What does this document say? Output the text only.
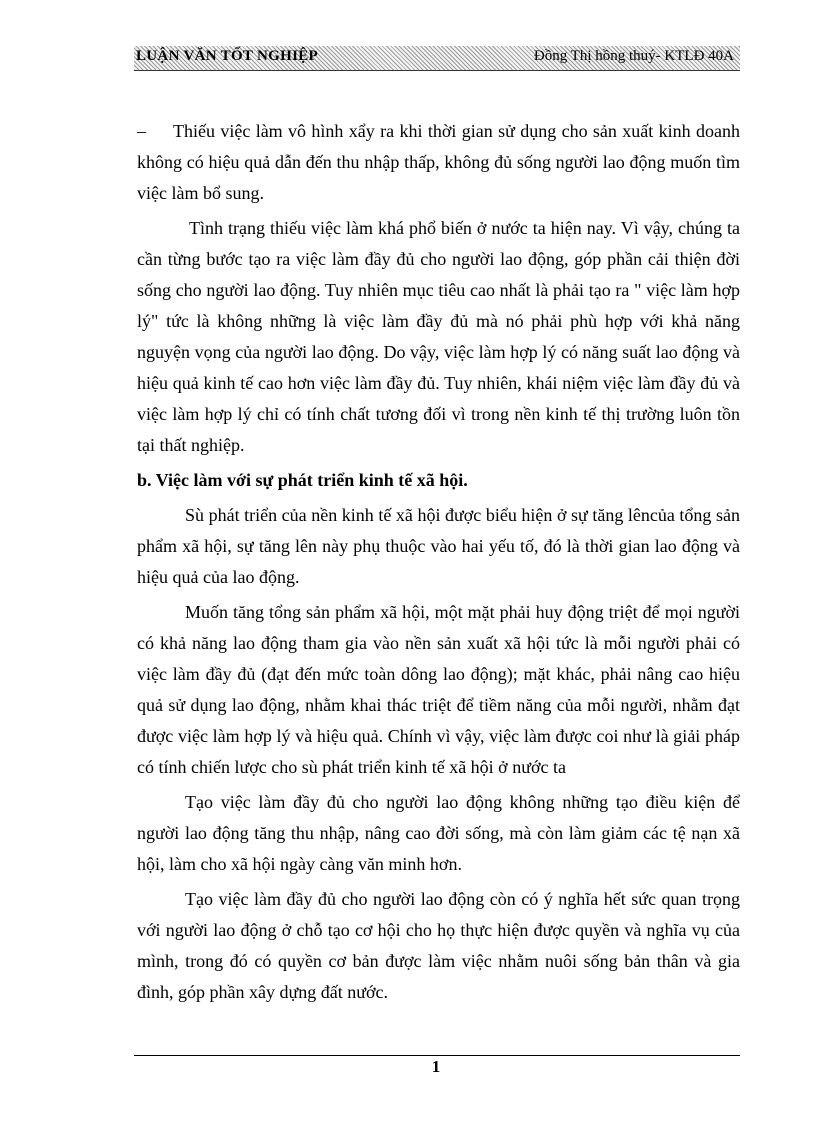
LUẬN VĂN TỐT NGHIỆP	Đồng Thị hồng thuý- KTLĐ 40A

– Thiếu việc làm vô hình xẩy ra khi thời gian sử dụng cho sản xuất kinh doanh không có hiệu quả dẫn đến thu nhập thấp, không đủ sống người lao động muốn tìm việc làm bổ sung.

Tình trạng thiếu việc làm khá phổ biến ở nước ta hiện nay. Vì vậy, chúng ta cần từng bước tạo ra việc làm đầy đủ cho người lao động, góp phần cải thiện đời sống cho người lao động. Tuy nhiên mục tiêu cao nhất là phải tạo ra " việc làm hợp lý" tức là không những là việc làm đầy đủ mà nó phải phù hợp với khả năng nguyện vọng của người lao động. Do vậy, việc làm hợp lý có năng suất lao động và hiệu quả kinh tế cao hơn việc làm đầy đủ. Tuy nhiên, khái niệm việc làm đầy đủ và việc làm hợp lý chỉ có tính chất tương đối vì trong nền kinh tế thị trường luôn tồn tại thất nghiệp.

b. Việc làm với sự phát triển kinh tế xã hội.

Sù phát triển của nền kinh tế xã hội được biểu hiện ở sự tăng lêncủa tổng sản phẩm xã hội, sự tăng lên này phụ thuộc vào hai yếu tố, đó là thời gian lao động và hiệu quả của lao động.

Muốn tăng tổng sản phẩm xã hội, một mặt phải huy động triệt để mọi người có khả năng lao động tham gia vào nền sản xuất xã hội tức là mỗi người phải có việc làm đầy đủ (đạt đến mức toàn dông lao động); mặt khác, phải nâng cao hiệu quả sử dụng lao động, nhằm khai thác triệt để tiềm năng của mỗi người, nhằm đạt được việc làm hợp lý và hiệu quả. Chính vì vậy, việc làm được coi như là giải pháp có tính chiến lược cho sù phát triển kinh tế xã hội ở nước ta

Tạo việc làm đầy đủ cho người lao động không những tạo điều kiện để người lao động tăng thu nhập, nâng cao đời sống, mà còn làm giảm các tệ nạn xã hội, làm cho xã hội ngày càng văn minh hơn.

Tạo việc làm đầy đủ cho người lao động còn có ý nghĩa hết sức quan trọng với người lao động ở chỗ tạo cơ hội cho họ thực hiện được quyền và nghĩa vụ của mình, trong đó có quyền cơ bản được làm việc nhằm nuôi sống bản thân và gia đình, góp phần xây dựng đất nước.

1
